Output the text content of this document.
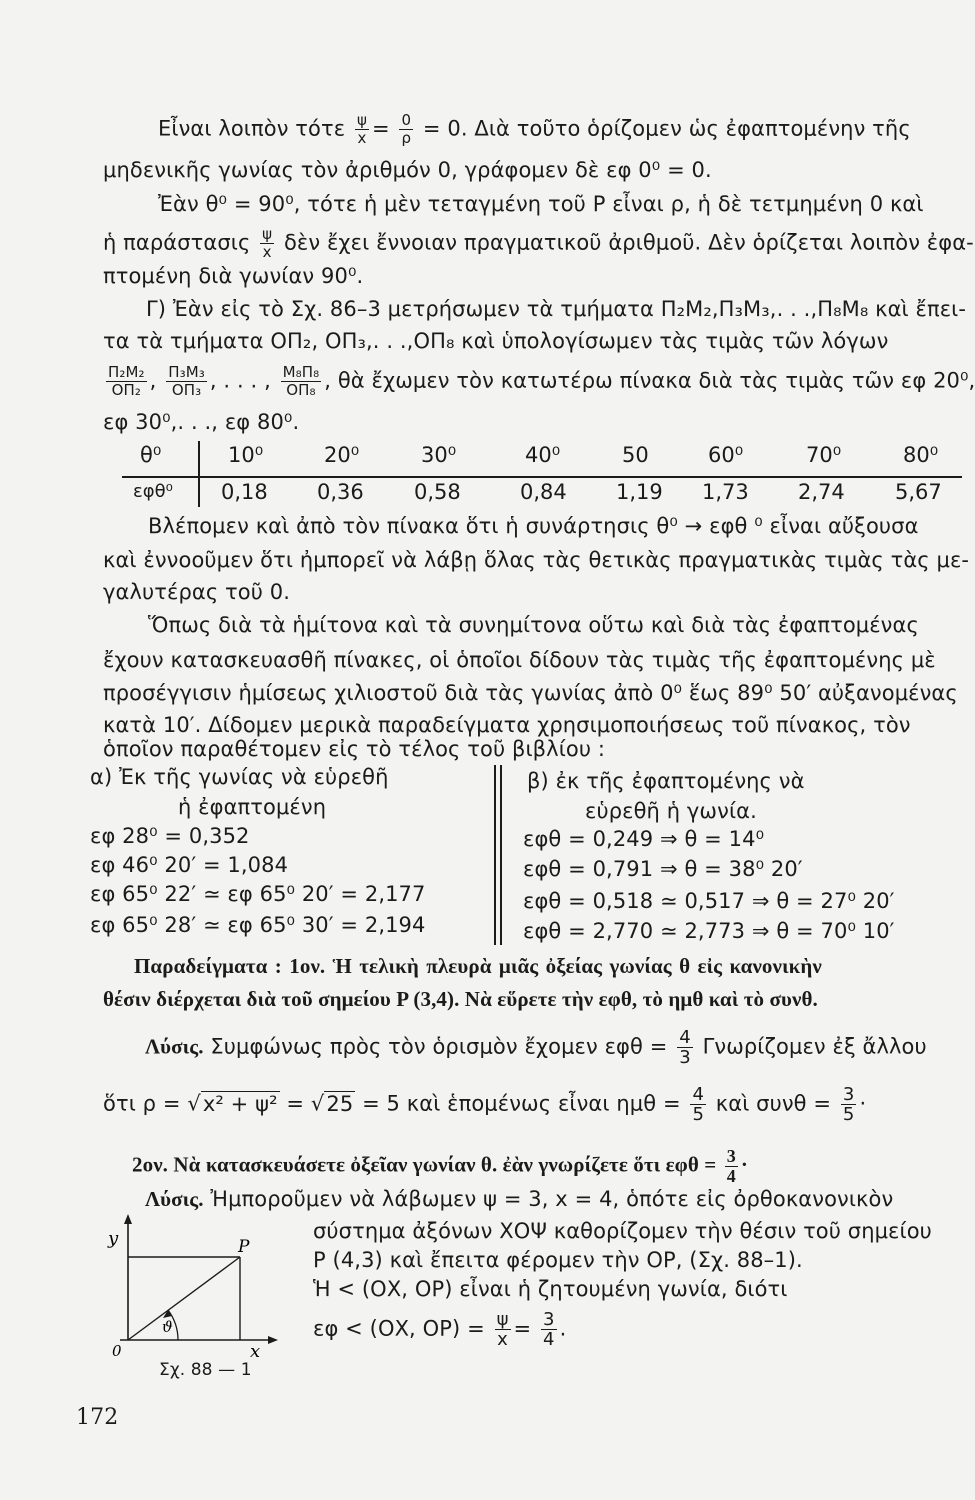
Εἶναι λοιπὸν τότε $\frac{\psi}{x} = \frac{0}{\rho} = 0$. Διὰ τοῦτο ὁρίζομεν ὡς ἐφαπτομένην τῆς
μηδενικῆς γωνίας τὸν ἀριθμόν 0, γράφομεν δὲ εφ 0⁰ = 0.
Ἐὰν θ⁰ = 90⁰, τότε ἡ μὲν τεταγμένη τοῦ Ρ εἶναι ρ, ἡ δὲ τετμημένη 0 καὶ
ἡ παράστασις $\frac{\psi}{x}$ δὲν ἔχει ἔννοιαν πραγματικοῦ ἀριθμοῦ. Δὲν ὁρίζεται λοιπὸν ἐφα-
πτομένη διὰ γωνίαν 90⁰.
Γ) Ἐὰν εἰς τὸ Σχ. 86–3 μετρήσωμεν τὰ τμήματα Π₂Μ₂,Π₃Μ₃,. . .,Π₈Μ₈ καὶ ἔπει-
τα τὰ τμήματα ΟΠ₂, ΟΠ₃,. . .,ΟΠ₈ καὶ ὑπολογίσωμεν τὰς τιμὰς τῶν λόγων
$\frac{\text{Π₂Μ₂}}{\text{ΟΠ₂}}$ , $\frac{\text{Π₃Μ₃}}{\text{ΟΠ₃}}$ , . . . , $\frac{\text{Μ₈Π₈}}{\text{ΟΠ₈}}$ , θὰ ἔχωμεν τὸν κατωτέρω πίνακα διὰ τὰς τιμὰς τῶν εφ 20⁰,
εφ 30⁰,. . ., εφ 80⁰.
θ⁰	10⁰	20⁰	30⁰	40⁰	50	60⁰	70⁰	80⁰
εφθ⁰ 0,18 0,36 0,58	0,84 1,19 1,73 2,74 5,67
Βλέπομεν καὶ ἀπὸ τὸν πίνακα ὅτι ἡ συνάρτησις θ⁰ → εφθ ⁰ εἶναι αὔξουσα
καὶ ἐννοοῦμεν ὅτι ἠμπορεῖ νὰ λάβῃ ὅλας τὰς θετικὰς πραγματικὰς τιμὰς τὰς με-
γαλυτέρας τοῦ 0.
Ὅπως διὰ τὰ ἡμίτονα καὶ τὰ συνημίτονα οὕτω καὶ διὰ τὰς ἐφαπτομένας
ἔχουν κατασκευασθῆ πίνακες, οἱ ὁποῖοι δίδουν τὰς τιμὰς τῆς ἐφαπτομένης μὲ
προσέγγισιν ἡμίσεως χιλιοστοῦ διὰ τὰς γωνίας ἀπὸ 0⁰ ἕως 89⁰ 50′ αὐξανομένας
κατὰ 10′. Δίδομεν μερικὰ παραδείγματα χρησιμοποιήσεως τοῦ πίνακος, τὸν
ὁποῖον παραθέτομεν εἰς τὸ τέλος τοῦ βιβλίου :
α) Ἐκ τῆς γωνίας νὰ εὑρεθῆ
ἡ ἐφαπτομένη
εφ 28⁰ = 0,352
εφ 46⁰ 20′ = 1,084
εφ 65⁰ 22′ ≃ εφ 65⁰ 20′ = 2,177
εφ 65⁰ 28′ ≃ εφ 65⁰ 30′ = 2,194
β) ἐκ τῆς ἐφαπτομένης νὰ
εὑρεθῆ ἡ γωνία.
εφθ = 0,249 ⇒ θ = 14⁰
εφθ = 0,791 ⇒ θ = 38⁰ 20′
εφθ = 0,518 ≃ 0,517 ⇒ θ = 27⁰ 20′
εφθ = 2,770 ≃ 2,773 ⇒ θ = 70⁰ 10′
Παραδείγματα : 1ον. Ἡ τελικὴ πλευρὰ μιᾶς ὀξείας γωνίας θ εἰς κανονικὴν
θέσιν διέρχεται διὰ τοῦ σημείου Ρ (3,4). Νὰ εὕρετε τὴν εφθ, τὸ ημθ καὶ τὸ συνθ.
Λύσις. Συμφώνως πρὸς τὸν ὁρισμὸν ἔχομεν $\varepsilon\varphi\theta = \frac{4}{3}$ Γνωρίζομεν ἐξ ἄλλου
ὅτι ρ = √x² + ψ² = √25 = 5 καὶ ἑπομένως εἶναι $\eta\mu\theta = \frac{4}{5}$ καὶ $\sigma\upsilon\nu\theta = \frac{3}{5}$ ·
2ον. Νὰ κατασκευάσετε ὀξεῖαν γωνίαν θ. ἐὰν γνωρίζετε ὅτι $\varepsilon\varphi\theta = \frac{3}{4}$ ·
Λύσις. Ἠμποροῦμεν νὰ λάβωμεν ψ = 3, x = 4, ὁπότε εἰς ὀρθοκανονικὸν
σύστημα ἀξόνων ΧΟΨ καθορίζομεν τὴν θέσιν τοῦ σημείου
Ρ (4,3) καὶ ἔπειτα φέρομεν τὴν ΟΡ, (Σχ. 88–1).
Ἡ < (ΟΧ, ΟΡ) εἶναι ἡ ζητουμένη γωνία, διότι
εφ < (ΟΧ, $OP) = \frac{\psi}{x} = \frac{3}{4}$ .
y	P
ϑ
0	x
Σχ. 88 — 1
172
